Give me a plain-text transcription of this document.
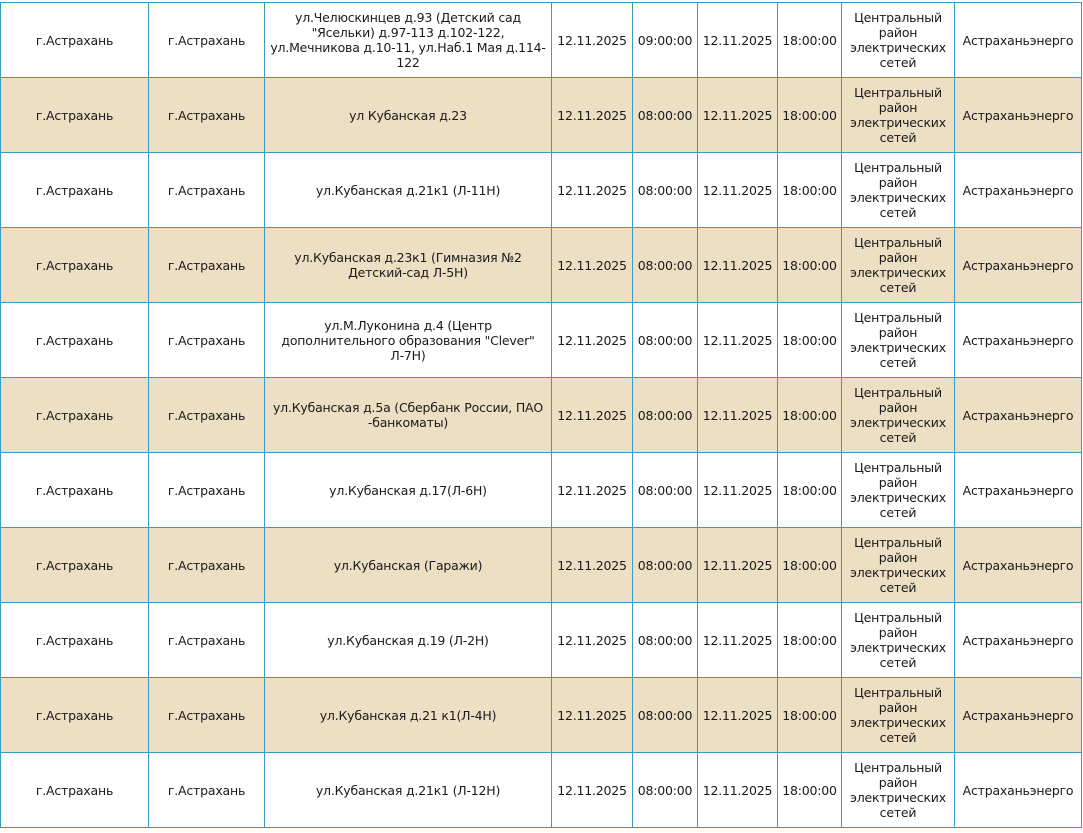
г.Астрахань	г.Астрахань	ул.Челюскинцев д.93 (Детский сад "Ясельки) д.97-113 д.102-122, ул.Мечникова д.10-11, ул.Наб.1 Мая д.114-122	12.11.2025	09:00:00	12.11.2025	18:00:00	Центральный район электрических сетей	Астраханьэнерго
г.Астрахань	г.Астрахань	ул Кубанская д.23	12.11.2025	08:00:00	12.11.2025	18:00:00	Центральный район электрических сетей	Астраханьэнерго
г.Астрахань	г.Астрахань	ул.Кубанская д.21к1 (Л-11Н)	12.11.2025	08:00:00	12.11.2025	18:00:00	Центральный район электрических сетей	Астраханьэнерго
г.Астрахань	г.Астрахань	ул.Кубанская д.23к1 (Гимназия №2 Детский-сад Л-5Н)	12.11.2025	08:00:00	12.11.2025	18:00:00	Центральный район электрических сетей	Астраханьэнерго
г.Астрахань	г.Астрахань	ул.М.Луконина д.4 (Центр дополнительного образования "Clever" Л-7Н)	12.11.2025	08:00:00	12.11.2025	18:00:00	Центральный район электрических сетей	Астраханьэнерго
г.Астрахань	г.Астрахань	ул.Кубанская д.5а (Сбербанк России, ПАО -банкоматы)	12.11.2025	08:00:00	12.11.2025	18:00:00	Центральный район электрических сетей	Астраханьэнерго
г.Астрахань	г.Астрахань	ул.Кубанская д.17(Л-6Н)	12.11.2025	08:00:00	12.11.2025	18:00:00	Центральный район электрических сетей	Астраханьэнерго
г.Астрахань	г.Астрахань	ул.Кубанская (Гаражи)	12.11.2025	08:00:00	12.11.2025	18:00:00	Центральный район электрических сетей	Астраханьэнерго
г.Астрахань	г.Астрахань	ул.Кубанская д.19 (Л-2Н)	12.11.2025	08:00:00	12.11.2025	18:00:00	Центральный район электрических сетей	Астраханьэнерго
г.Астрахань	г.Астрахань	ул.Кубанская д.21 к1(Л-4Н)	12.11.2025	08:00:00	12.11.2025	18:00:00	Центральный район электрических сетей	Астраханьэнерго
г.Астрахань	г.Астрахань	ул.Кубанская д.21к1 (Л-12Н)	12.11.2025	08:00:00	12.11.2025	18:00:00	Центральный район электрических сетей	Астраханьэнерго
